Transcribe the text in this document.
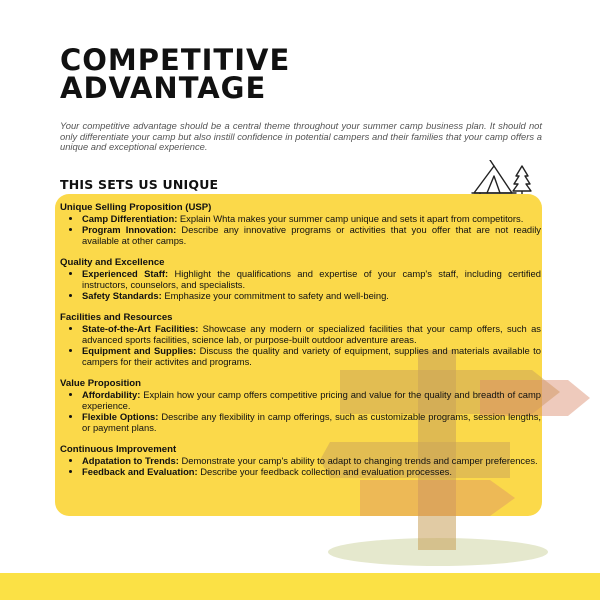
COMPETITIVE
ADVANTAGE

Your competitive advantage should be a central theme throughout your summer camp business plan. It should not only differentiate your camp but also instill confidence in potential campers and their families that your camp offers a unique and exceptional experience.

THIS SETS US UNIQUE
Unique Selling Proposition (USP)
• Camp Differentiation: Explain Whta makes your summer camp unique and sets it apart from competitors.
• Program Innovation: Describe any innovative programs or activities that you offer that are not readily available at other camps.
Quality and Excellence
• Experienced Staff: Highlight the qualifications and expertise of your camp's staff, including certified instructors, counselors, and specialists.
• Safety Standards: Emphasize your commitment to safety and well-being.
Facilities and Resources
• State-of-the-Art Facilities: Showcase any modern or specialized facilities that your camp offers, such as advanced sports facilities, science lab, or purpose-built outdoor adventure areas.
• Equipment and Supplies: Discuss the quality and variety of equipment, supplies and materials available to campers for their activites and programs.
Value Proposition
• Affordability: Explain how your camp offers competitive pricing and value for the quality and breadth of camp experience.
• Flexible Options: Describe any flexibility in camp offerings, such as customizable programs, session lengths, or payment plans.
Continuous Improvement
• Adpatation to Trends: Demonstrate your camp's ability to adapt to changing trends and camper preferences.
• Feedback and Evaluation: Describe your feedback collection and evaluation processes.
